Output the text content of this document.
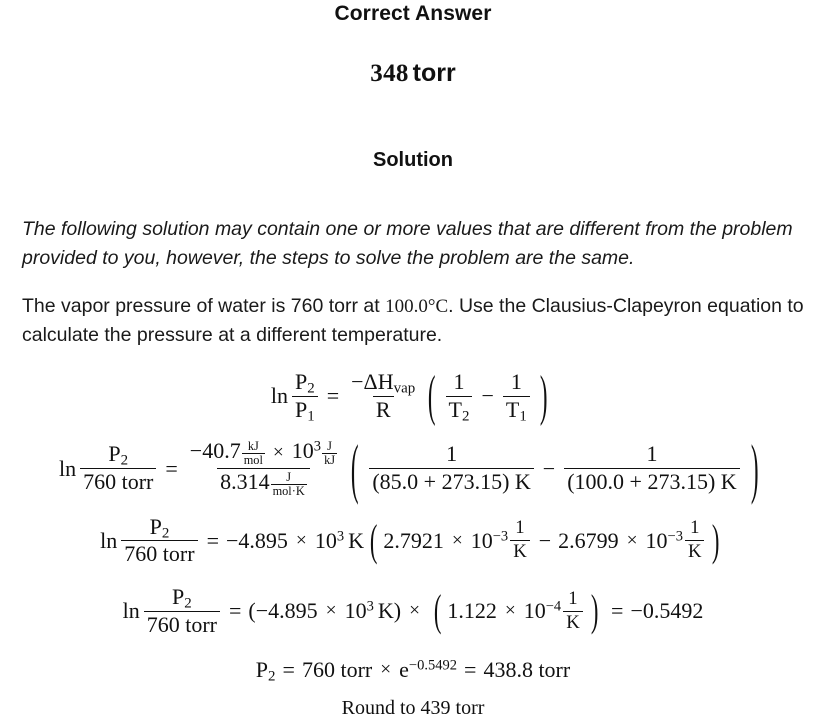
Correct Answer
348 torr
Solution

The following solution may contain one or more values that are different from the problem provided to you, however, the steps to solve the problem are the same.

The vapor pressure of water is 760 torr at 100.0°C. Use the Clausius-Clapeyron equation to calculate the pressure at a different temperature.

$\ln \frac{P_2}{P_1} = \frac{-\Delta H_{vap}}{R}$ ( $\frac{1}{T_2} - \frac{1}{T_1}$ )
$\ln \frac{P_2}{\text{760 torr}} = -40.7$ kJ
mol × $10^3 \frac{J}{kJ}$
8.314 J
mol·K ( $\frac{1}{(85.0 + 273.15) K} - \frac{1}{(100.0 + 273.15) K}$ )
$\ln \frac{P_2}{\text{760 torr}} = -4.895 \times 10^3$ K ( $2.7921 \times 10^{-3} \frac{1}{K} - 2.6799 \times 10^{-3} \frac{1}{K}$ )
$\ln \frac{P_2}{\text{760 torr}}$ = ( $-4.895 \times 10^3$ K ) × ( $1.122 \times 10^{-4} \frac{1}{K}$ ) = −0.5492
$P_2 = 760$ torr × $e^{-0.5492} = 438.8$ torr
Round to 439 torr
